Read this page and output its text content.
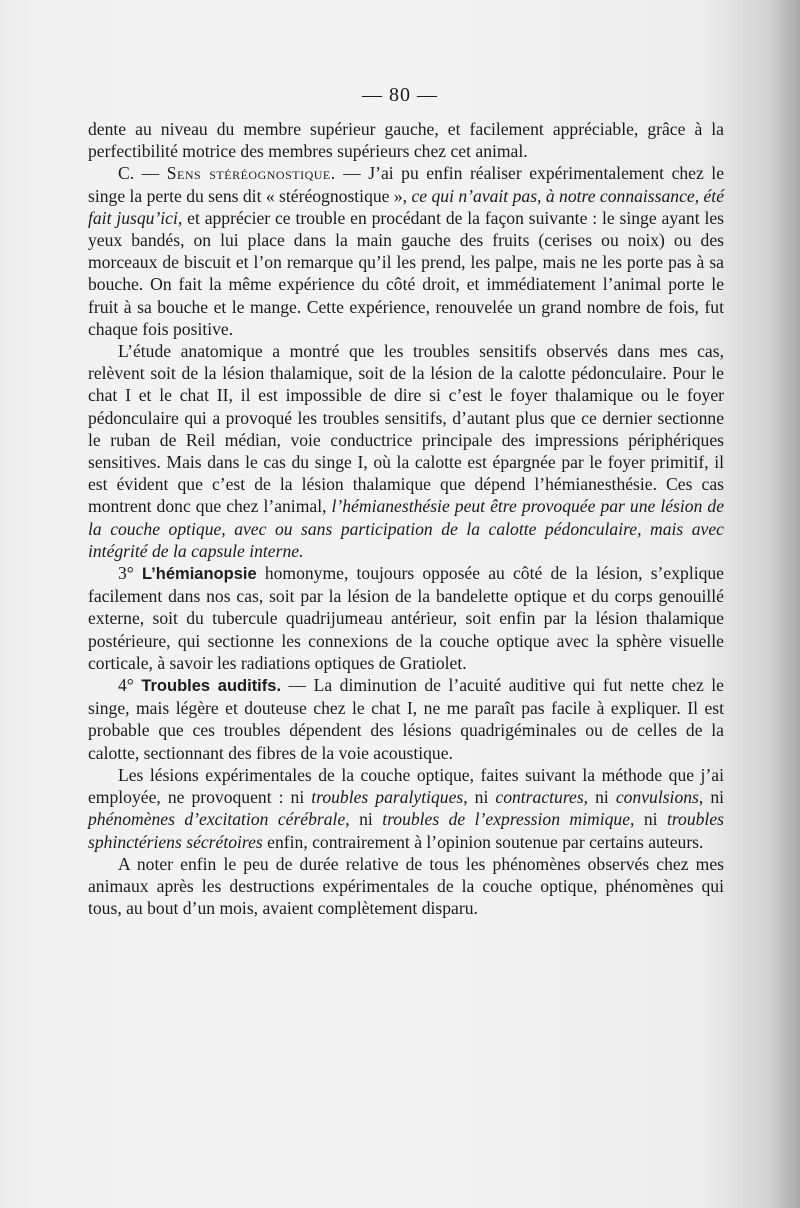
— 80 —

dente au niveau du membre supérieur gauche, et facilement appréciable, grâce à la perfectibilité motrice des membres supérieurs chez cet animal.

C. — Sens stéréognostique. — J’ai pu enfin réaliser expérimentalement chez le singe la perte du sens dit « stéréognostique », ce qui n’avait pas, à notre connaissance, été fait jusqu’ici, et apprécier ce trouble en procédant de la façon suivante : le singe ayant les yeux bandés, on lui place dans la main gauche des fruits (cerises ou noix) ou des morceaux de biscuit et l’on remarque qu’il les prend, les palpe, mais ne les porte pas à sa bouche. On fait la même expérience du côté droit, et immédiatement l’animal porte le fruit à sa bouche et le mange. Cette expérience, renouvelée un grand nombre de fois, fut chaque fois positive.

L’étude anatomique a montré que les troubles sensitifs observés dans mes cas, relèvent soit de la lésion thalamique, soit de la lésion de la calotte pédonculaire. Pour le chat I et le chat II, il est impossible de dire si c’est le foyer thalamique ou le foyer pédonculaire qui a provoqué les troubles sensitifs, d’autant plus que ce dernier sectionne le ruban de Reil médian, voie conductrice principale des impressions périphériques sensitives. Mais dans le cas du singe I, où la calotte est épargnée par le foyer primitif, il est évident que c’est de la lésion thalamique que dépend l’hémianesthésie. Ces cas montrent donc que chez l’animal, l’hémianesthésie peut être provoquée par une lésion de la couche optique, avec ou sans participation de la calotte pédonculaire, mais avec intégrité de la capsule interne.

3° L’hémianopsie homonyme, toujours opposée au côté de la lésion, s’explique facilement dans nos cas, soit par la lésion de la bandelette optique et du corps genouillé externe, soit du tubercule quadrijumeau antérieur, soit enfin par la lésion thalamique postérieure, qui sectionne les connexions de la couche optique avec la sphère visuelle corticale, à savoir les radiations optiques de Gratiolet.

4° Troubles auditifs. — La diminution de l’acuité auditive qui fut nette chez le singe, mais légère et douteuse chez le chat I, ne me paraît pas facile à expliquer. Il est probable que ces troubles dépendent des lésions quadrigéminales ou de celles de la calotte, sectionnant des fibres de la voie acoustique.

Les lésions expérimentales de la couche optique, faites suivant la méthode que j’ai employée, ne provoquent : ni troubles paralytiques, ni contractures, ni convulsions, ni phénomènes d’excitation cérébrale, ni troubles de l’expression mimique, ni troubles sphinctériens sécrétoires enfin, contrairement à l’opinion soutenue par certains auteurs.

A noter enfin le peu de durée relative de tous les phénomènes observés chez mes animaux après les destructions expérimentales de la couche optique, phénomènes qui tous, au bout d’un mois, avaient complètement disparu.
